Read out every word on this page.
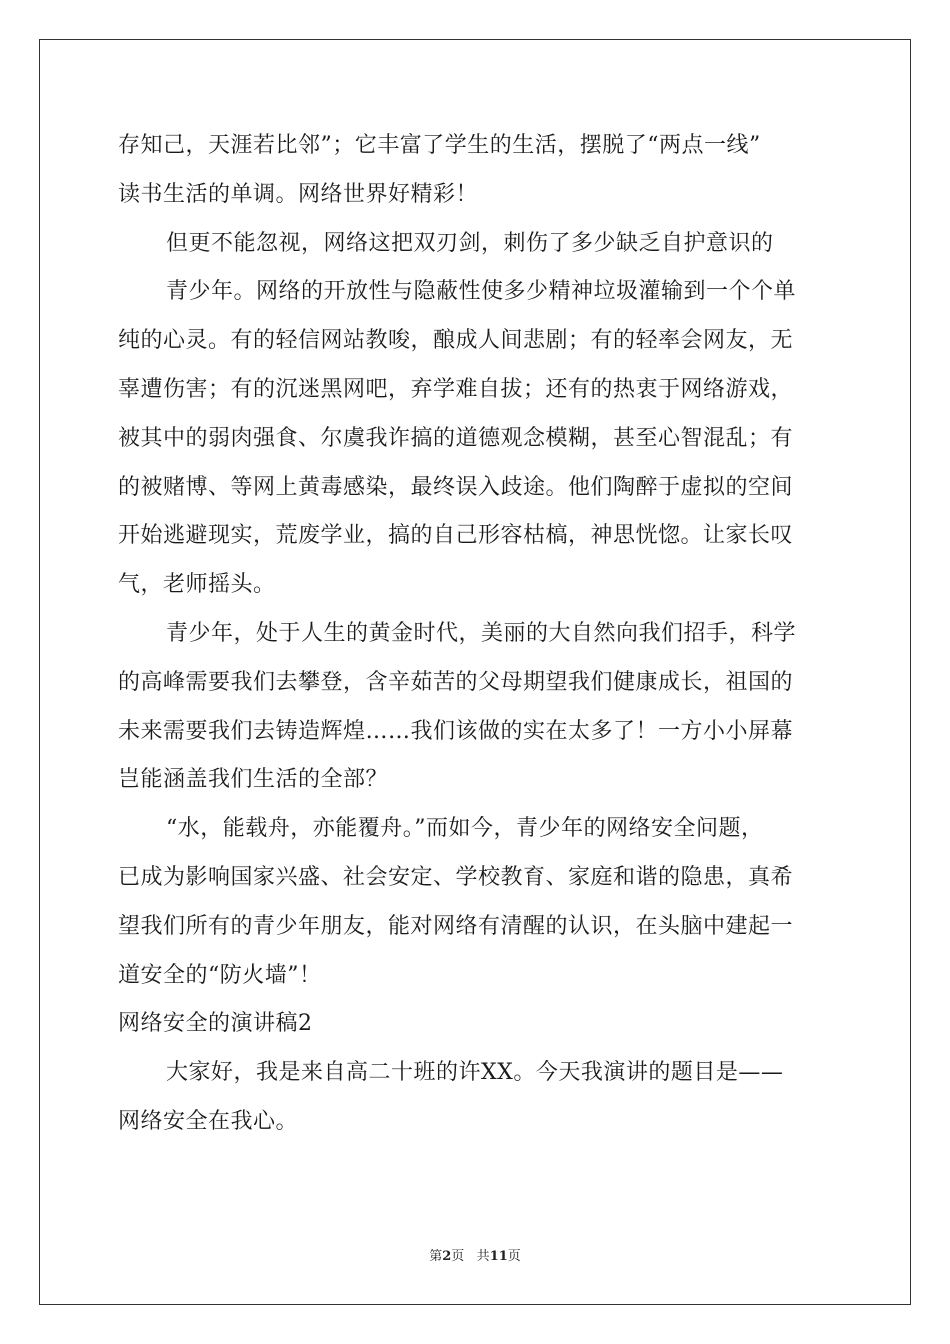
存知己，天涯若比邻”；它丰富了学生的生活，摆脱了“两点一线”
读书生活的单调。网络世界好精彩！
但更不能忽视，网络这把双刃剑，刺伤了多少缺乏自护意识的
青少年。网络的开放性与隐蔽性使多少精神垃圾灌输到一个个单
纯的心灵。有的轻信网站教唆，酿成人间悲剧；有的轻率会网友，无
辜遭伤害；有的沉迷黑网吧，弃学难自拔；还有的热衷于网络游戏，
被其中的弱肉强食、尔虞我诈搞的道德观念模糊，甚至心智混乱；有
的被赌博、等网上黄毒感染，最终误入歧途。他们陶醉于虚拟的空间
开始逃避现实，荒废学业，搞的自己形容枯槁，神思恍惚。让家长叹
气，老师摇头。
青少年，处于人生的黄金时代，美丽的大自然向我们招手，科学
的高峰需要我们去攀登，含辛茹苦的父母期望我们健康成长，祖国的
未来需要我们去铸造辉煌……我们该做的实在太多了！一方小小屏幕
岂能涵盖我们生活的全部？
“水，能载舟，亦能覆舟。”而如今，青少年的网络安全问题，
已成为影响国家兴盛、社会安定、学校教育、家庭和谐的隐患，真希
望我们所有的青少年朋友，能对网络有清醒的认识，在头脑中建起一
道安全的“防火墙”！
网络安全的演讲稿2
大家好，我是来自高二十班的许XX。今天我演讲的题目是——
网络安全在我心。
第2页 共11页
